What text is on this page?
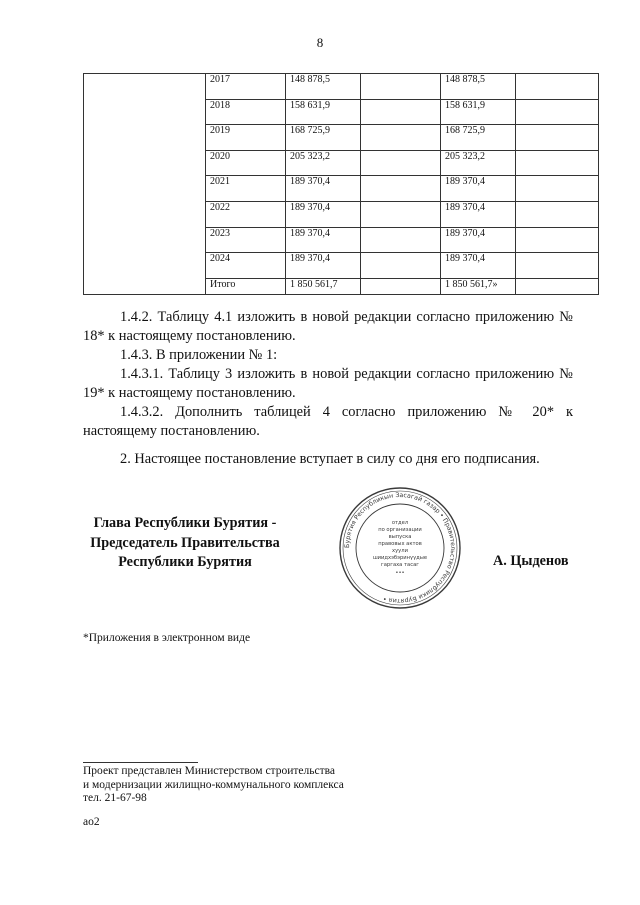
8
	2017	148 878,5		148 878,5	
	2018	158 631,9		158 631,9	
	2019	168 725,9		168 725,9	
	2020	205 323,2		205 323,2	
	2021	189 370,4		189 370,4	
	2022	189 370,4		189 370,4	
	2023	189 370,4		189 370,4	
	2024	189 370,4		189 370,4	
	Итого	1 850 561,7		1 850 561,7»	
1.4.2. Таблицу 4.1 изложить в новой редакции согласно приложению № 18* к настоящему постановлению.
1.4.3. В приложении № 1:
1.4.3.1. Таблицу 3 изложить в новой редакции согласно приложению № 19* к настоящему постановлению.
1.4.3.2. Дополнить таблицей 4 согласно приложению № 20* к настоящему постановлению.
2. Настоящее постановление вступает в силу со дня его подписания.
Глава Республики Бурятия -
Председатель Правительства
Республики Бурятия	А. Цыденов
Бурятия Республикын Засагай газар • Правительство Республики Бурятия •
отдел
по организации
выпуска
правовых актов
хуули
шиидхэбэринүүдые
гаргаха тасаг
•••
*Приложения в электронном виде
Проект представлен Министерством строительства
и модернизации жилищно-коммунального комплекса
тел. 21-67-98
ao2
